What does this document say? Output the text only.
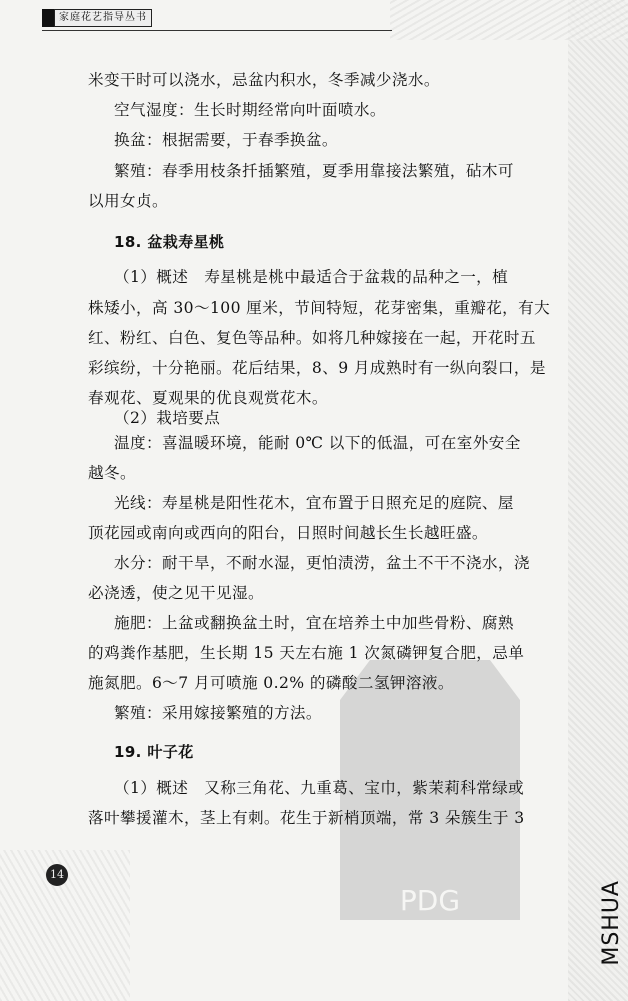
家庭花艺指导丛书
PDG
米变干时可以浇水，忌盆内积水，冬季减少浇水。
空气湿度：生长时期经常向叶面喷水。
换盆：根据需要，于春季换盆。
繁殖：春季用枝条扦插繁殖，夏季用靠接法繁殖，砧木可
以用女贞。
18. 盆栽寿星桃
（1）概述　寿星桃是桃中最适合于盆栽的品种之一，植
株矮小，高 30～100 厘米，节间特短，花芽密集，重瓣花，有大
红、粉红、白色、复色等品种。如将几种嫁接在一起，开花时五
彩缤纷，十分艳丽。花后结果，8、9 月成熟时有一纵向裂口，是
春观花、夏观果的优良观赏花木。
（2）栽培要点
温度：喜温暖环境，能耐 0℃ 以下的低温，可在室外安全
越冬。
光线：寿星桃是阳性花木，宜布置于日照充足的庭院、屋
顶花园或南向或西向的阳台，日照时间越长生长越旺盛。
水分：耐干旱，不耐水湿，更怕渍涝，盆土不干不浇水，浇
必浇透，使之见干见湿。
施肥：上盆或翻换盆土时，宜在培养土中加些骨粉、腐熟
的鸡粪作基肥，生长期 15 天左右施 1 次氮磷钾复合肥，忌单
施氮肥。6～7 月可喷施 0.2% 的磷酸二氢钾溶液。
繁殖：采用嫁接繁殖的方法。
19. 叶子花
（1）概述　又称三角花、九重葛、宝巾，紫茉莉科常绿或
落叶攀援灌木，茎上有刺。花生于新梢顶端，常 3 朵簇生于 3
14
MSHUA
